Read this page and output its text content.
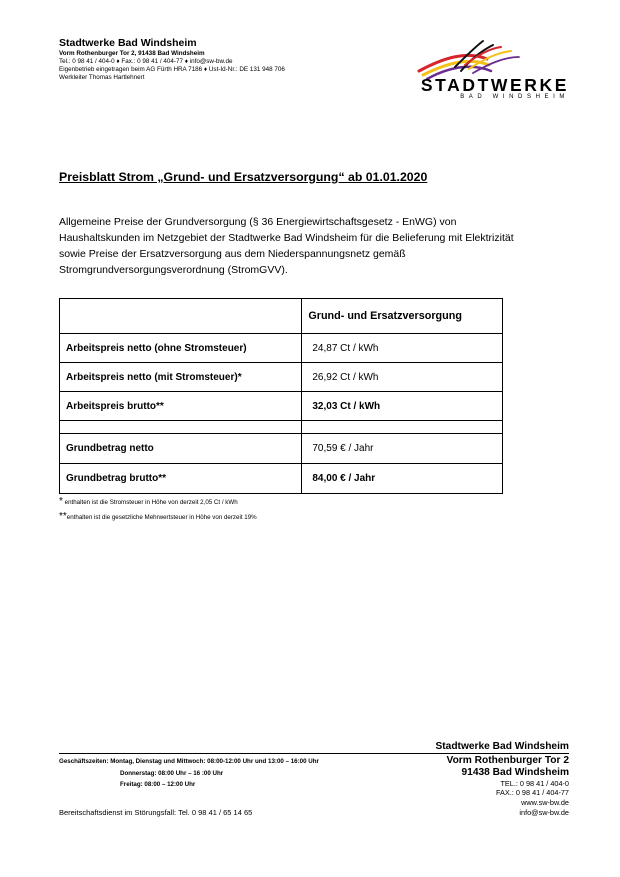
Stadtwerke Bad Windsheim
Vorm Rothenburger Tor 2, 91438 Bad Windsheim
Tel.: 0 98 41 / 404-0 ♦ Fax.: 0 98 41 / 404-77 ♦ info@sw-bw.de
Eigenbetrieb eingetragen beim AG Fürth HRA 7186 ♦ Ust-Id-Nr.: DE 131 948 706
Werkleiter Thomas Hartlehnert	STADTWERKE
BAD WINDSHEIM
Preisblatt Strom „Grund- und Ersatzversorgung“ ab 01.01.2020
Allgemeine Preise der Grundversorgung (§ 36 Energiewirtschaftsgesetz - EnWG) von Haushaltskunden im Netzgebiet der Stadtwerke Bad Windsheim für die Belieferung mit Elektrizität sowie Preise der Ersatzversorgung aus dem Niederspannungsnetz gemäß Stromgrundversorgungsverordnung (StromGVV).
	Grund- und Ersatzversorgung
Arbeitspreis netto (ohne Stromsteuer)	24,87 Ct / kWh
Arbeitspreis netto (mit Stromsteuer)*	26,92 Ct / kWh
Arbeitspreis brutto**	32,03 Ct / kWh

Grundbetrag netto	70,59 € / Jahr
Grundbetrag brutto**	84,00 € / Jahr
* enthalten ist die Stromsteuer in Höhe von derzeit 2,05 Ct / kWh
**enthalten ist die gesetzliche Mehrwertsteuer in Höhe von derzeit 19%
Stadtwerke Bad Windsheim
Vorm Rothenburger Tor 2
91438 Bad Windsheim
TEL.: 0 98 41 / 404-0
FAX.: 0 98 41 / 404-77
www.sw-bw.de
info@sw-bw.de
Geschäftszeiten: Montag, Dienstag und Mittwoch: 08:00-12:00 Uhr und 13:00 – 16:00 Uhr
Donnerstag: 08:00 Uhr – 16 :00 Uhr
Freitag: 08:00 – 12:00 Uhr
Bereitschaftsdienst im Störungsfall: Tel. 0 98 41 / 65 14 65
